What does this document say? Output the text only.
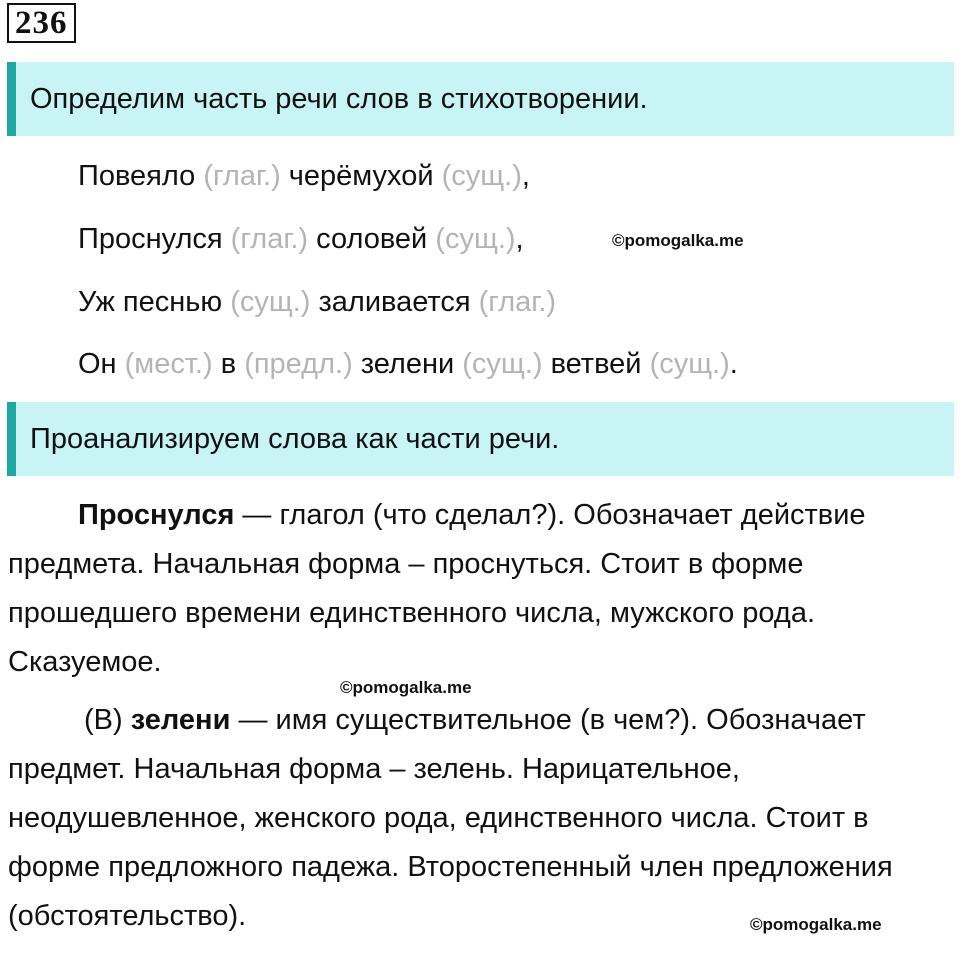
236
Определим часть речи слов в стихотворении.
Повеяло (глаг.) черёмухой (сущ.),
Проснулся (глаг.) соловей (сущ.),	©pomogalka.me
Уж песнью (сущ.) заливается (глаг.)
Он (мест.) в (предл.) зелени (сущ.) ветвей (сущ.).
Проанализируем слова как части речи.

Проснулся — глагол (что сделал?). Обозначает действие предмета. Начальная форма – проснуться. Стоит в форме прошедшего времени единственного числа, мужского рода. Сказуемое.

©pomogalka.me

(В) зелени — имя существительное (в чем?). Обозначает предмет. Начальная форма – зелень. Нарицательное, неодушевленное, женского рода, единственного числа. Стоит в форме предложного падежа. Второстепенный член предложения (обстоятельство).	©pomogalka.me
